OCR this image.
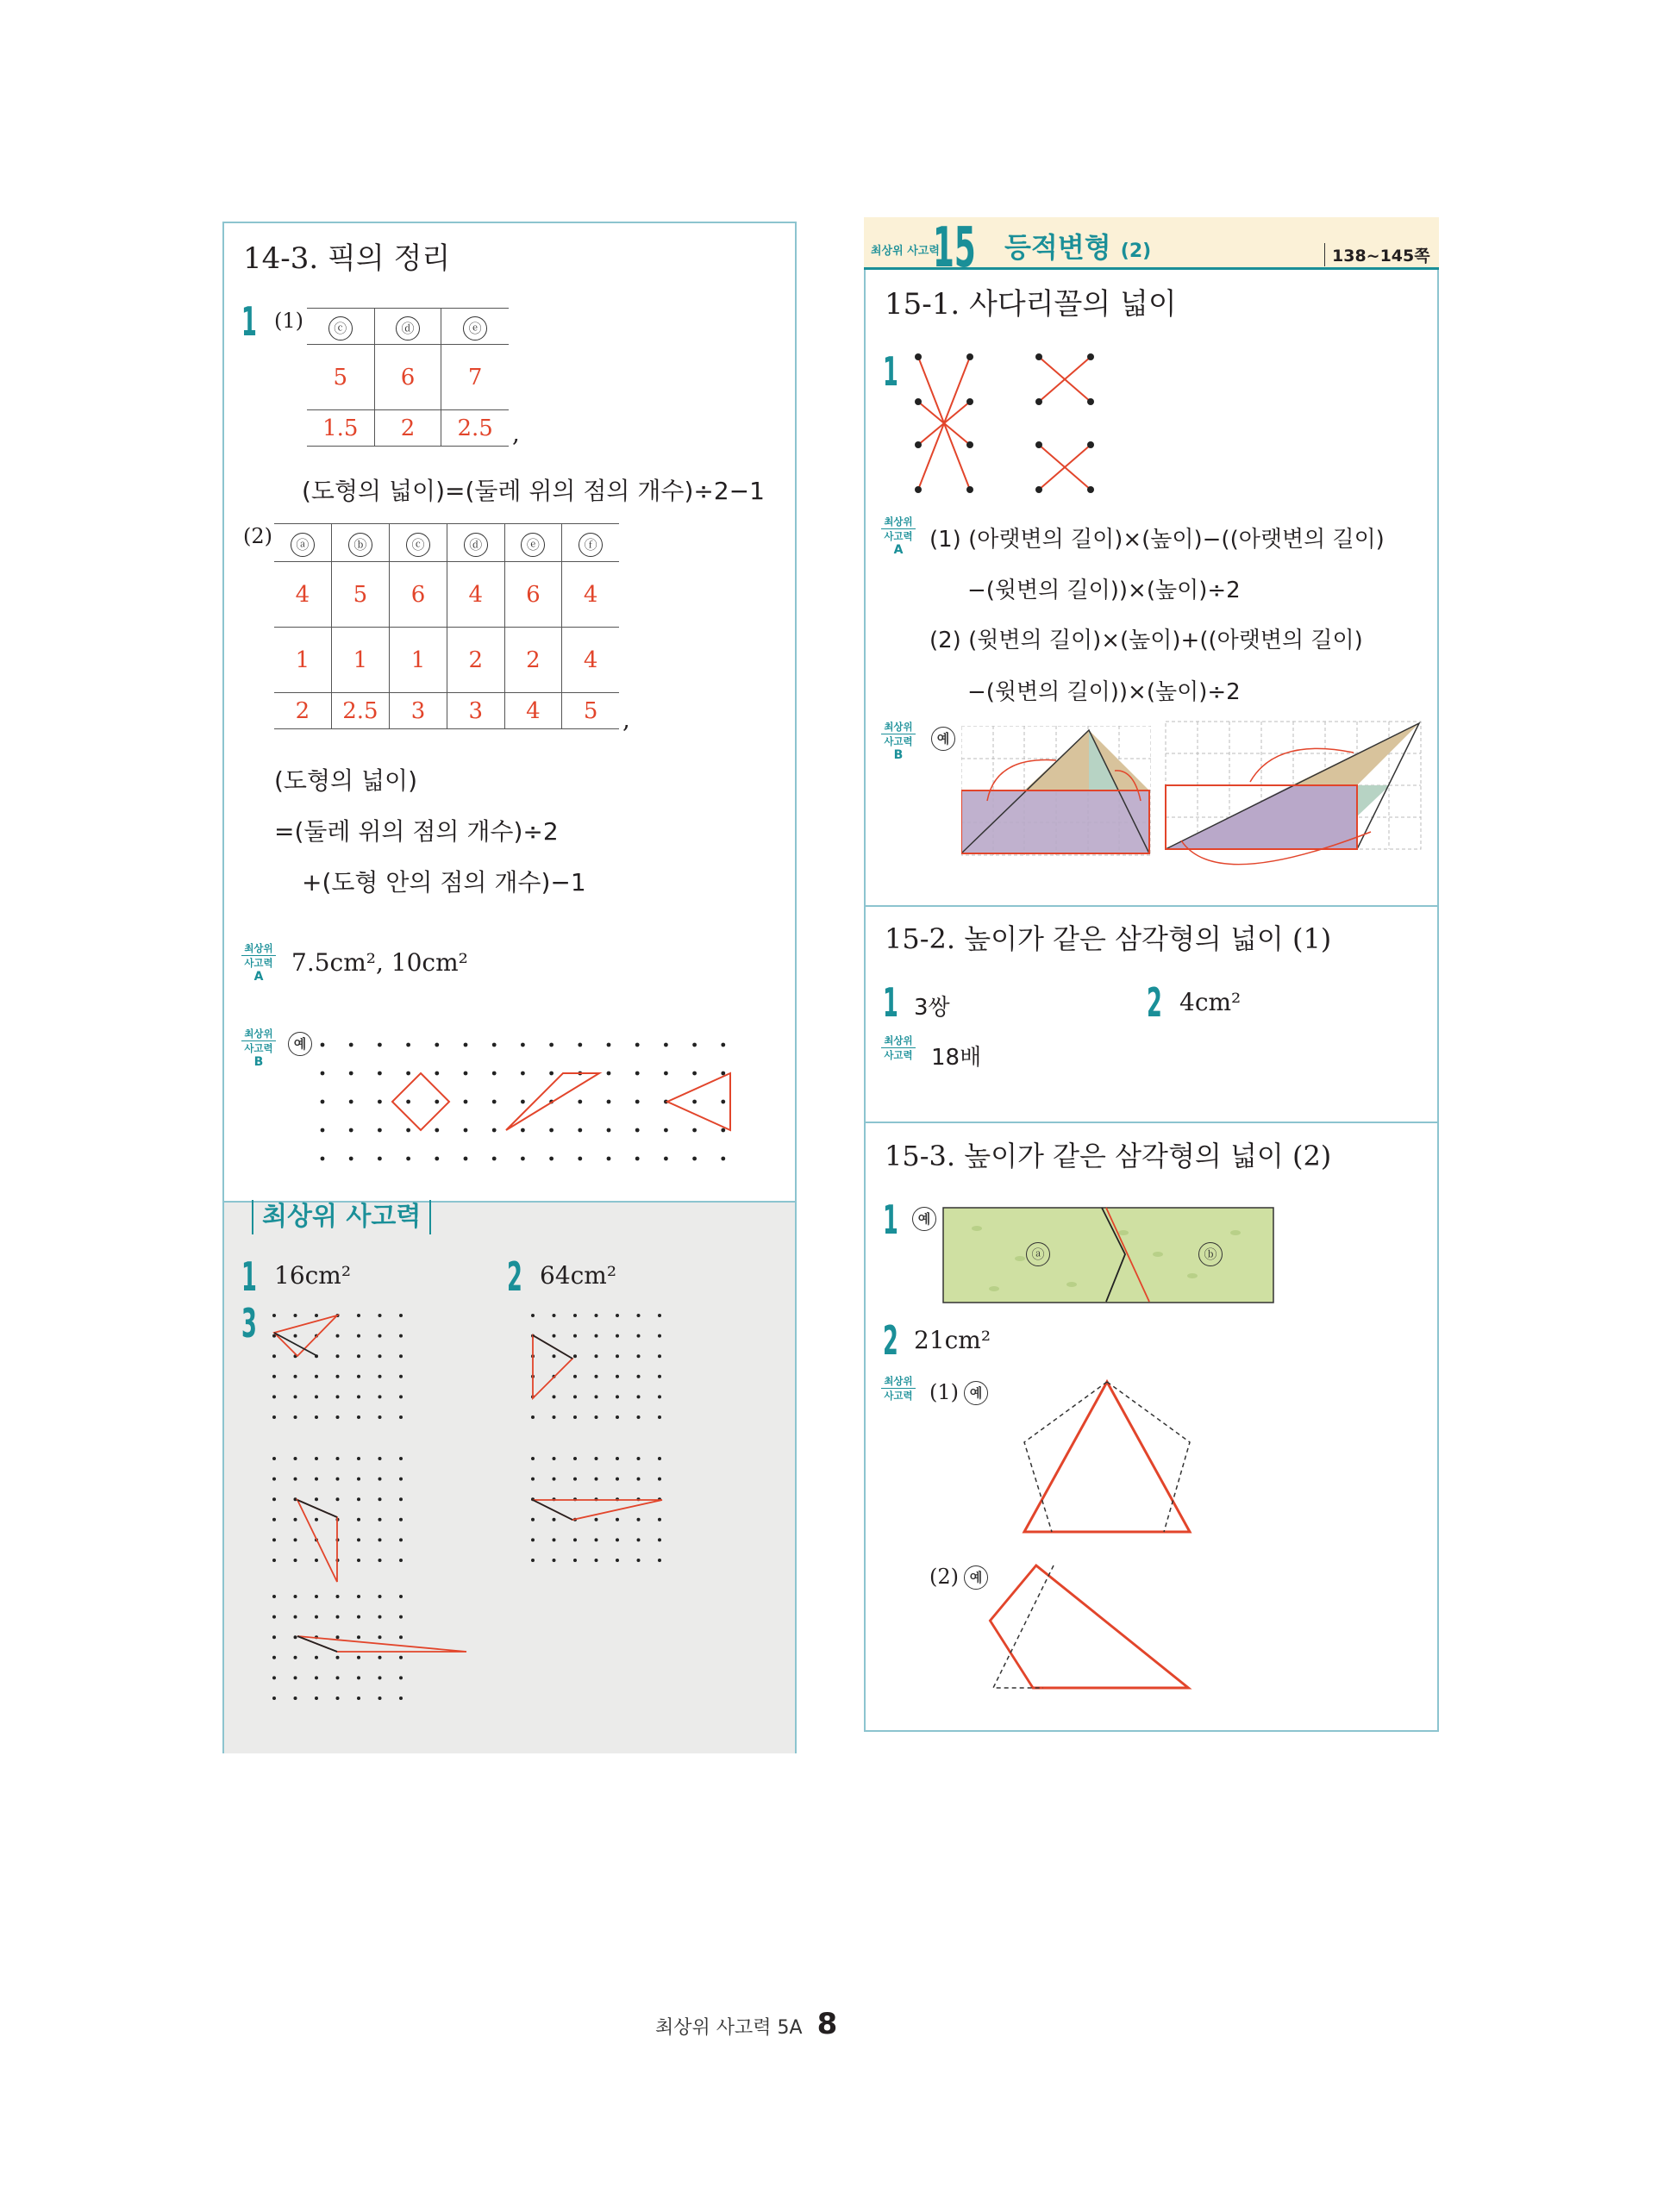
14-3. 픽의 정리
1 (1) ⓒ	ⓓ	ⓔ
5	6	7
1.5	2	2.5 ,
(도형의 넓이)=(둘레 위의 점의 개수)÷2−1
(2) ⓐ	ⓑ	ⓒ	ⓓ	ⓔ	ⓕ
4	5	6	4	6	4
1	1	1	2	2	4
2	2.5	3	3	4	5 ,
(도형의 넓이)
=(둘레 위의 점의 개수)÷2
+(도형 안의 점의 개수)−1
최상위
사고력
A	7.5cm², 10cm²
최상위
사고력
B
예
최상위 사고력
1 16cm²	2 64cm²
3
최상위 사고력
15 등적변형 (2)	138~145쪽
15-1. 사다리꼴의 넓이
1
최상위
사고력
A	(1) (아랫변의 길이)×(높이)−((아랫변의 길이)
−(윗변의 길이))×(높이)÷2
(2) (윗변의 길이)×(높이)+((아랫변의 길이)
−(윗변의 길이))×(높이)÷2
최상위
사고력
B
예
15-2. 높이가 같은 삼각형의 넓이 (1)
1 3쌍	2 4cm²
최상위
사고력 18배
15-3. 높이가 같은 삼각형의 넓이 (2)
1	예
ⓐ	ⓑ
2 21cm²
최상위
사고력 (1) 예
(2) 예
최상위 사고력 5A 8
